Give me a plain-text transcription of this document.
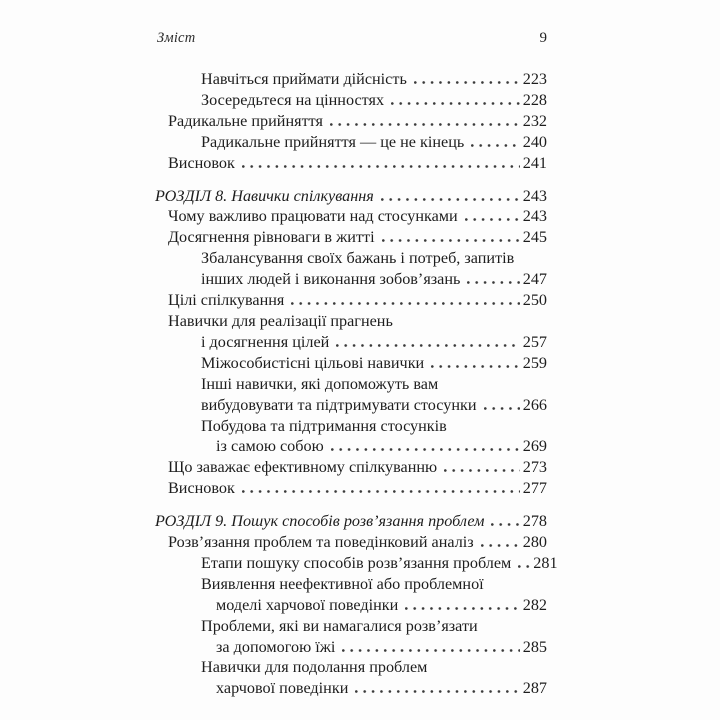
Зміст	9
Навчіться приймати дійсність	223
Зосередьтеся на цінностях	228
Радикальне прийняття	232
Радикальне прийняття — це не кінець	240
Висновок	241
РОЗДІЛ 8. Навички спілкування	243
Чому важливо працювати над стосунками	243
Досягнення рівноваги в житті	245
Збалансування своїх бажань і потреб, запитів
інших людей і виконання зобов’язань	247
Цілі спілкування	250
Навички для реалізації прагнень
і досягнення цілей	257
Міжособистісні цільові навички	259
Інші навички, які допоможуть вам
вибудовувати та підтримувати стосунки	266
Побудова та підтримання стосунків
із самою собою	269
Що заважає ефективному спілкуванню	273
Висновок	277
РОЗДІЛ 9. Пошук способів розв’язання проблем 278
Розв’язання проблем та поведінковий аналіз	280
Етапи пошуку способів розв’язання проблем 281
Виявлення неефективної або проблемної
моделі харчової поведінки	282
Проблеми, які ви намагалися розв’язати
за допомогою їжі	285
Навички для подолання проблем
харчової поведінки	287
